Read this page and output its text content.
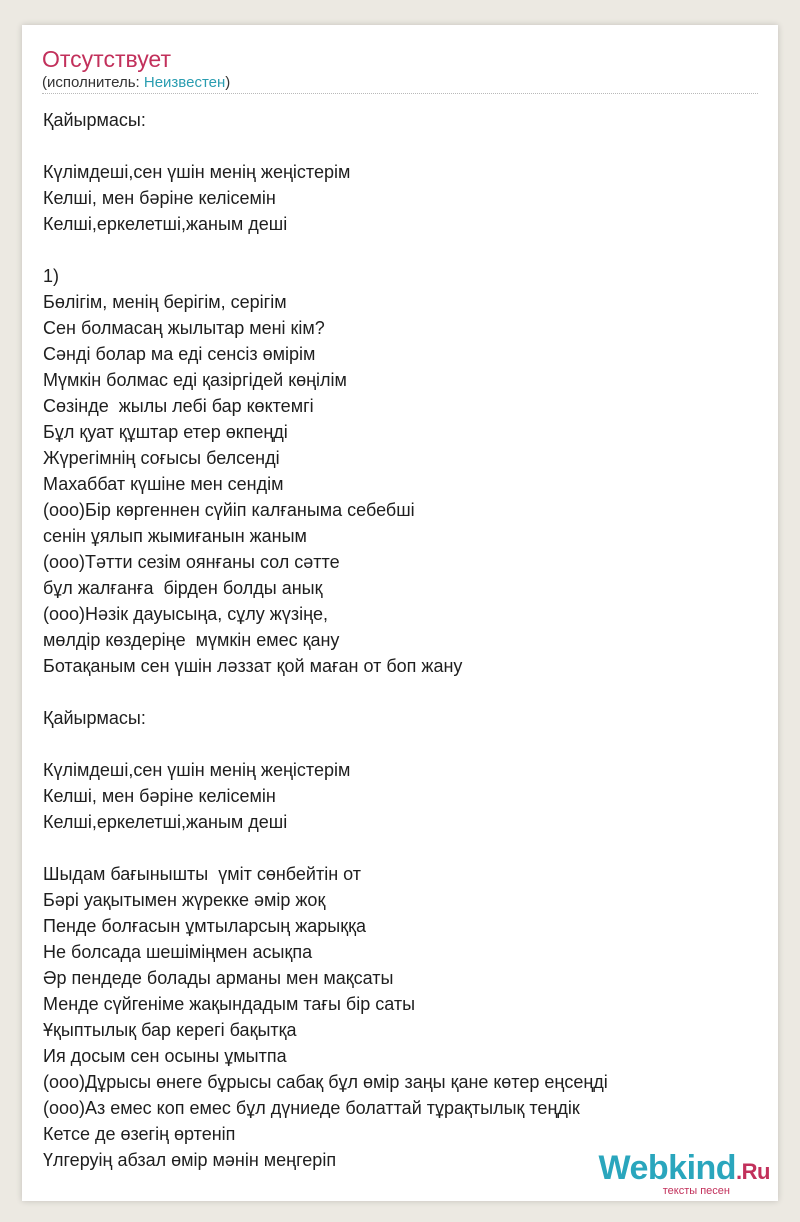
Отсутствует
(исполнитель: Неизвестен)
Қайырмасы:
Күлімдеші,сен үшін менің жеңістерім
Келші, мен бәріне келісемін
Келші,еркелетші,жаным деші
1)
Бөлігім, менің берігім, серігім
Сен болмасаң жылытар мені кім?
Сәнді болар ма еді сенсіз өмірім
Мүмкін болмас еді қазіргідей көңілім
Сөзінде  жылы лебі бар көктемгі
Бұл қуат құштар етер өкпеңді
Жүрегімнің соғысы белсенді
Махаббат күшіне мен сендім
(ооо)Бір көргеннен сүйіп калғаныма себебші
сенін ұялып жымиғанын жаным
(ооо)Тәтти сезім оянғаны сол сәтте
бұл жалғанға  бірден болды анық
(ооо)Нәзік дауысыңа, сұлу жүзіңе,
мөлдір көздеріңе  мүмкін емес қану
Ботақаным сен үшін ләззат қой маған от боп жану
Қайырмасы:
Күлімдеші,сен үшін менің жеңістерім
Келші, мен бәріне келісемін
Келші,еркелетші,жаным деші
Шыдам бағынышты  үміт сөнбейтін от
Бәрі уақытымен жүрекке әмір жоқ
Пенде болғасын ұмтыларсың жарыққа
Не болсада шешіміңмен асықпа
Әр пендеде болады арманы мен мақсаты
Менде сүйгеніме жақындадым тағы бір саты
Ұқыптылық бар керегі бақытқа
Ия досым сен осыны ұмытпа
(ооо)Дұрысы өнеге бұрысы сабақ бұл өмір заңы қане көтер еңсеңді
(ооо)Аз емес коп емес бұл дүниеде болаттай тұрақтылық теңдік
Кетсе де өзегің өртеніп
Үлгеруің абзал өмір мәнін меңгеріп	Webkind.Ru
тексты песен
